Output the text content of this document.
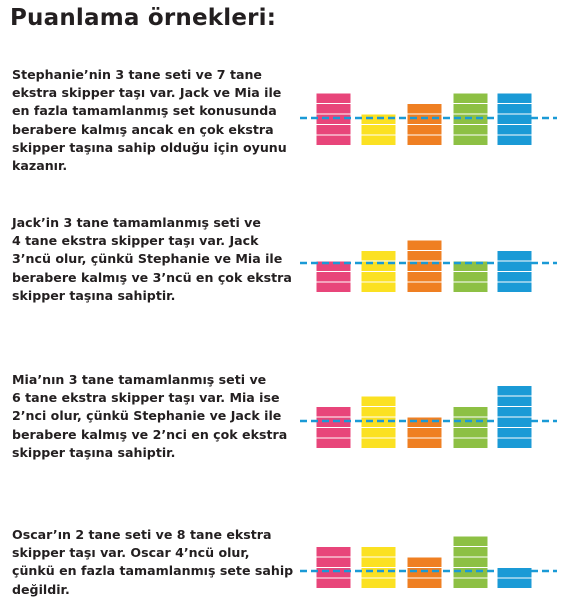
Puanlama örnekleri:
Stephanie’nin 3 tane seti ve 7 tane
ekstra skipper taşı var. Jack ve Mia ile
en fazla tamamlanmış set konusunda
berabere kalmış ancak en çok ekstra
skipper taşına sahip olduğu için oyunu
kazanır.
Jack’in 3 tane tamamlanmış seti ve
4 tane ekstra skipper taşı var. Jack
3’ncü olur, çünkü Stephanie ve Mia ile
berabere kalmış ve 3’ncü en çok ekstra
skipper taşına sahiptir.
Mia’nın 3 tane tamamlanmış seti ve
6 tane ekstra skipper taşı var. Mia ise
2’nci olur, çünkü Stephanie ve Jack ile
berabere kalmış ve 2’nci en çok ekstra
skipper taşına sahiptir.
Oscar’ın 2 tane seti ve 8 tane ekstra
skipper taşı var. Oscar 4’ncü olur,
çünkü en fazla tamamlanmış sete sahip
değildir.
